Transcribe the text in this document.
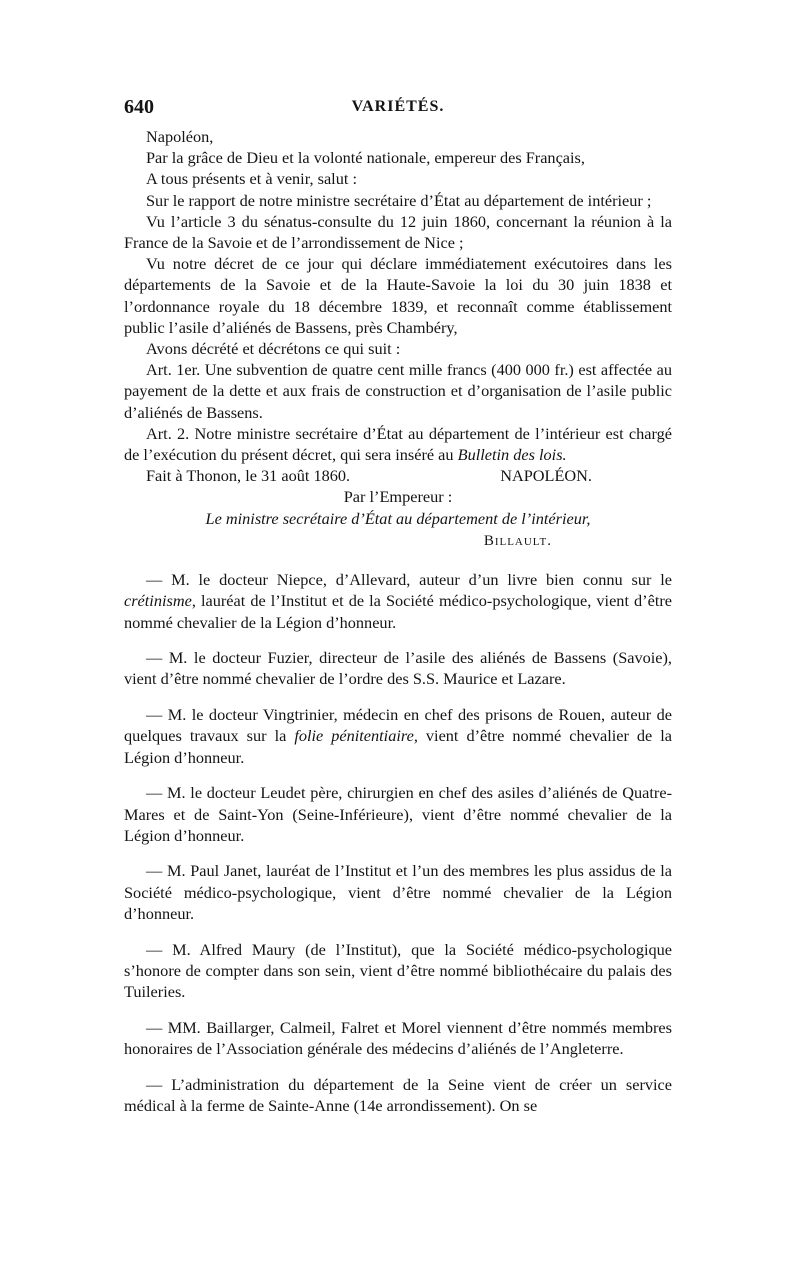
640	VARIÉTÉS.

Napoléon,

Par la grâce de Dieu et la volonté nationale, empereur des Français,

A tous présents et à venir, salut :

Sur le rapport de notre ministre secrétaire d’État au département de intérieur ;

Vu l’article 3 du sénatus-consulte du 12 juin 1860, concernant la réunion à la France de la Savoie et de l’arrondissement de Nice ;

Vu notre décret de ce jour qui déclare immédiatement exécutoires dans les départements de la Savoie et de la Haute-Savoie la loi du 30 juin 1838 et l’ordonnance royale du 18 décembre 1839, et reconnaît comme établissement public l’asile d’aliénés de Bassens, près Chambéry,

Avons décrété et décrétons ce qui suit :

Art. 1er. Une subvention de quatre cent mille francs (400 000 fr.) est affectée au payement de la dette et aux frais de construction et d’organisation de l’asile public d’aliénés de Bassens.

Art. 2. Notre ministre secrétaire d’État au département de l’intérieur est chargé de l’exécution du présent décret, qui sera inséré au Bulletin des lois.

Fait à Thonon, le 31 août 1860.	NAPOLÉON.
Par l’Empereur :
Le ministre secrétaire d’État au département de l’intérieur,
Billault.

— M. le docteur Niepce, d’Allevard, auteur d’un livre bien connu sur le crétinisme, lauréat de l’Institut et de la Société médico-psychologique, vient d’être nommé chevalier de la Légion d’honneur.

— M. le docteur Fuzier, directeur de l’asile des aliénés de Bassens (Savoie), vient d’être nommé chevalier de l’ordre des S.S. Maurice et Lazare.

— M. le docteur Vingtrinier, médecin en chef des prisons de Rouen, auteur de quelques travaux sur la folie pénitentiaire, vient d’être nommé chevalier de la Légion d’honneur.

— M. le docteur Leudet père, chirurgien en chef des asiles d’aliénés de Quatre-Mares et de Saint-Yon (Seine-Inférieure), vient d’être nommé chevalier de la Légion d’honneur.

— M. Paul Janet, lauréat de l’Institut et l’un des membres les plus assidus de la Société médico-psychologique, vient d’être nommé chevalier de la Légion d’honneur.

— M. Alfred Maury (de l’Institut), que la Société médico-psychologique s’honore de compter dans son sein, vient d’être nommé bibliothécaire du palais des Tuileries.

— MM. Baillarger, Calmeil, Falret et Morel viennent d’être nommés membres honoraires de l’Association générale des médecins d’aliénés de l’Angleterre.

— L’administration du département de la Seine vient de créer un service médical à la ferme de Sainte-Anne (14e arrondissement). On se
